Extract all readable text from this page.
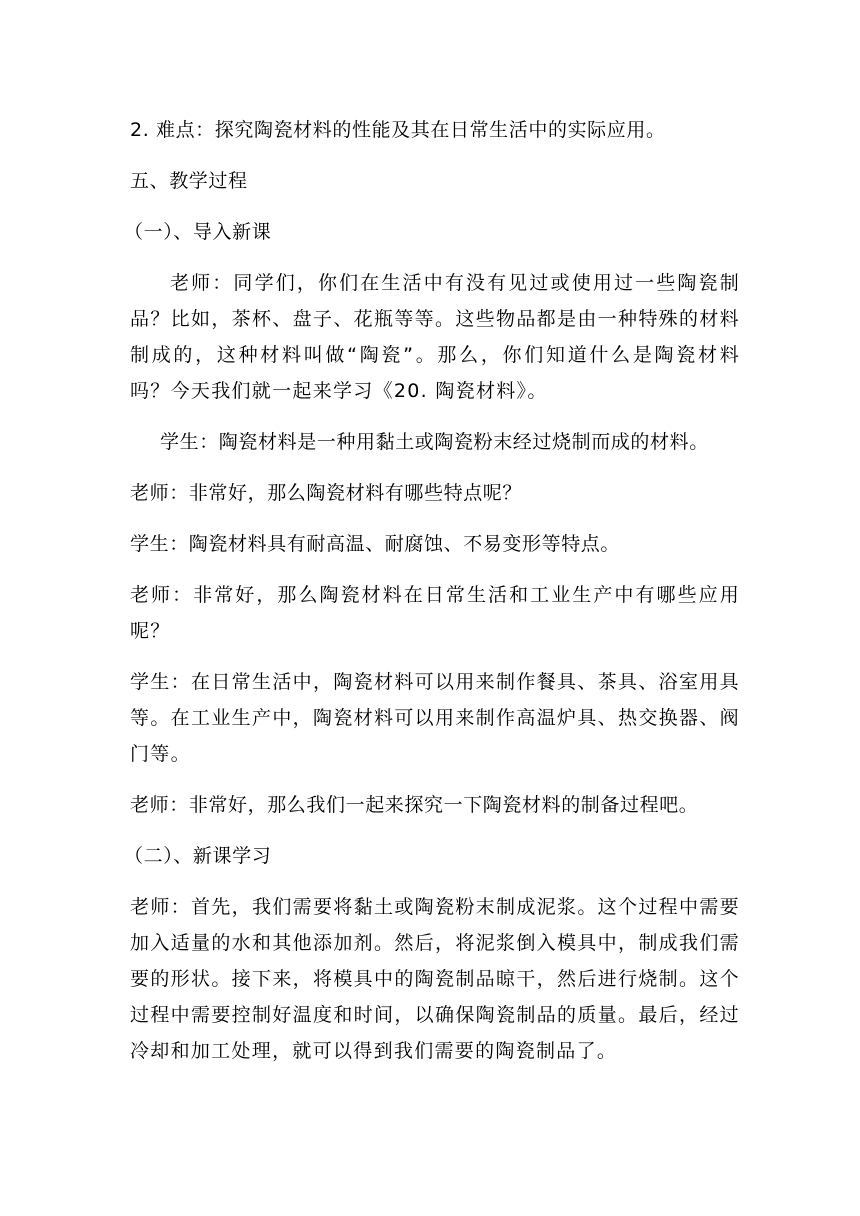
2. 难点：探究陶瓷材料的性能及其在日常生活中的实际应用。
五、教学过程
（一）、导入新课
老师：同学们，你们在生活中有没有见过或使用过一些陶瓷制品？比如，茶杯、盘子、花瓶等等。这些物品都是由一种特殊的材料制成的，这种材料叫做“陶瓷”。那么，你们知道什么是陶瓷材料吗？今天我们就一起来学习《20. 陶瓷材料》。
学生：陶瓷材料是一种用黏土或陶瓷粉末经过烧制而成的材料。
老师：非常好，那么陶瓷材料有哪些特点呢？
学生：陶瓷材料具有耐高温、耐腐蚀、不易变形等特点。
老师：非常好，那么陶瓷材料在日常生活和工业生产中有哪些应用呢？
学生：在日常生活中，陶瓷材料可以用来制作餐具、茶具、浴室用具等。在工业生产中，陶瓷材料可以用来制作高温炉具、热交换器、阀门等。
老师：非常好，那么我们一起来探究一下陶瓷材料的制备过程吧。
（二）、新课学习
老师：首先，我们需要将黏土或陶瓷粉末制成泥浆。这个过程中需要加入适量的水和其他添加剂。然后，将泥浆倒入模具中，制成我们需要的形状。接下来，将模具中的陶瓷制品晾干，然后进行烧制。这个过程中需要控制好温度和时间，以确保陶瓷制品的质量。最后，经过冷却和加工处理，就可以得到我们需要的陶瓷制品了。
